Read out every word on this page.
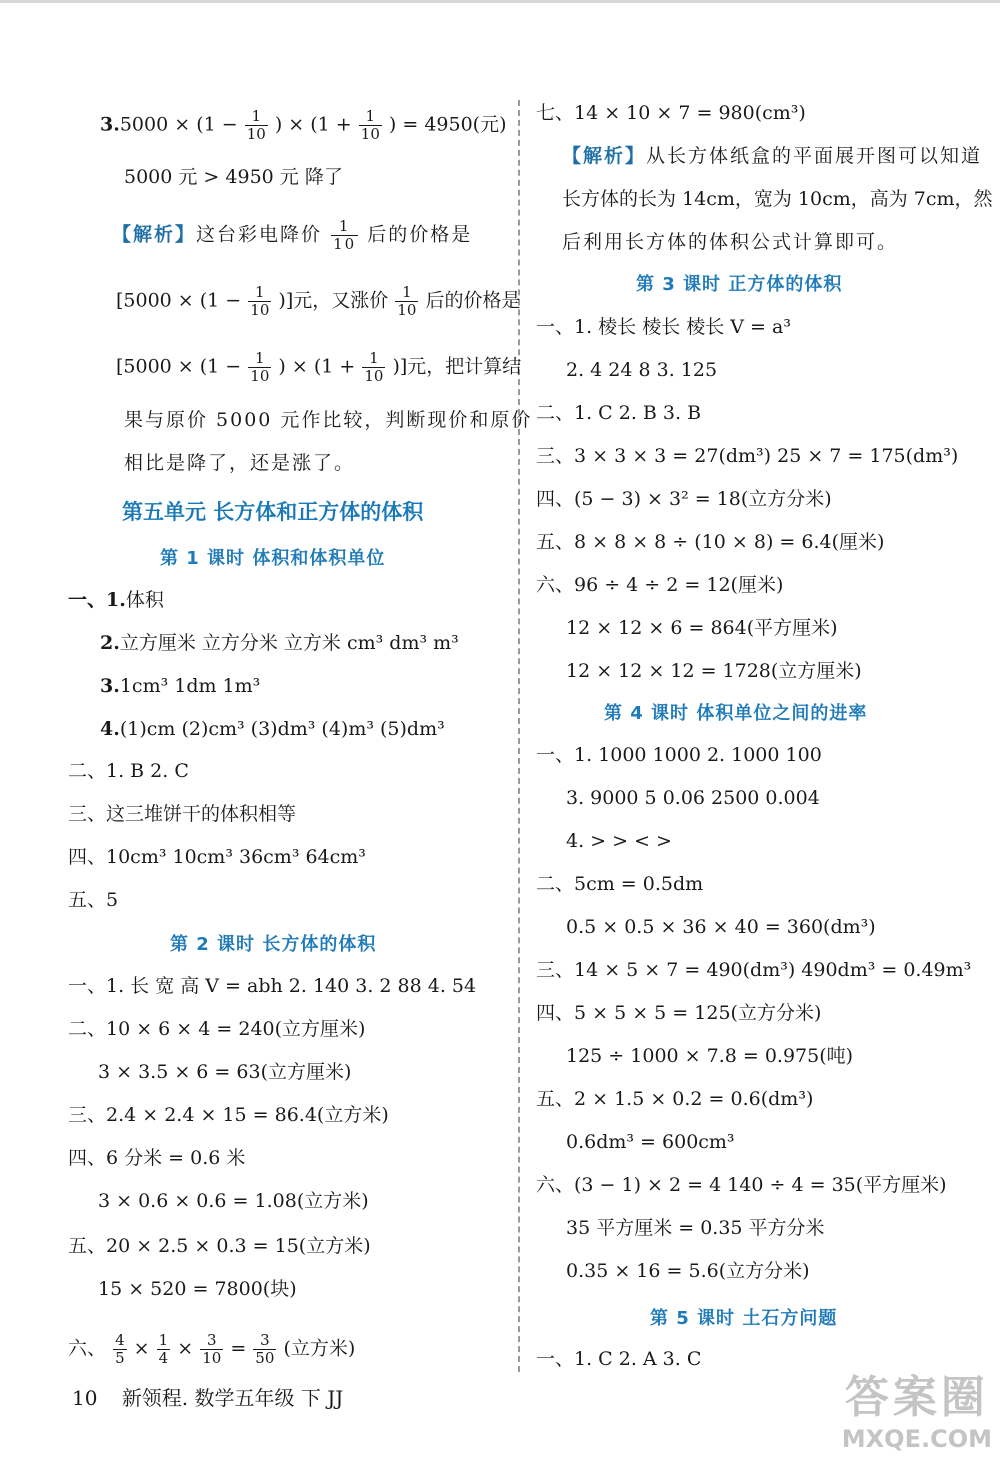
$3.5000 \times (1 - \frac{1}{10}$ ) × ($1 + \frac{1}{10}$ ) = 4950(元)
5000 元 > 4950 元 降了
【解析】这台彩电降价 $\frac{1}{10}$ 后的价格是
[$5000 \times (1 - \frac{1}{10}$ )]元，又涨价 $\frac{1}{10}$ 后的价格是
[$5000 \times (1 - \frac{1}{10}$ ) × ($1 + \frac{1}{10}$ )]元，把计算结
果与原价 5000 元作比较，判断现价和原价
相比是降了，还是涨了。
第五单元 长方体和正方体的体积
第 1 课时 体积和体积单位
一、1.体积
2.立方厘米 立方分米 立方米 cm³ dm³ m³
3.1cm³ 1dm 1m³
4.(1)cm (2)cm³ (3)dm³ (4)m³ (5)dm³
二、1. B 2. C
三、这三堆饼干的体积相等
四、10cm³ 10cm³ 36cm³ 64cm³
五、5
第 2 课时 长方体的体积
一、1. 长 宽 高 V = abh 2. 140 3. 2 88 4. 54
二、10 × 6 × 4 = 240(立方厘米)
3 × 3.5 × 6 = 63(立方厘米)
三、2.4 × 2.4 × 15 = 86.4(立方米)
四、6 分米 = 0.6 米
3 × 0.6 × 0.6 = 1.08(立方米)
五、20 × 2.5 × 0.3 = 15(立方米)
15 × 520 = 7800(块)
六、 $\frac{4}{5} \times \frac{1}{4} \times \frac{3}{10} = \frac{3}{50}$ (立方米)
七、14 × 10 × 7 = 980(cm³)
【解析】从长方体纸盒的平面展开图可以知道
长方体的长为 14cm，宽为 10cm，高为 7cm，然
后利用长方体的体积公式计算即可。
第 3 课时 正方体的体积
一、1. 棱长 棱长 棱长 V = a³
2. 4 24 8 3. 125
二、1. C 2. B 3. B
三、3 × 3 × 3 = 27(dm³) 25 × 7 = 175(dm³)
四、(5 − 3) × 3² = 18(立方分米)
五、8 × 8 × 8 ÷ (10 × 8) = 6.4(厘米)
六、96 ÷ 4 ÷ 2 = 12(厘米)
12 × 12 × 6 = 864(平方厘米)
12 × 12 × 12 = 1728(立方厘米)
第 4 课时 体积单位之间的进率
一、1. 1000 1000 2. 1000 100
3. 9000 5 0.06 2500 0.004
4. > > < >
二、5cm = 0.5dm
0.5 × 0.5 × 36 × 40 = 360(dm³)
三、14 × 5 × 7 = 490(dm³) 490dm³ = 0.49m³
四、5 × 5 × 5 = 125(立方分米)
125 ÷ 1000 × 7.8 = 0.975(吨)
五、2 × 1.5 × 0.2 = 0.6(dm³)
0.6dm³ = 600cm³
六、(3 − 1) × 2 = 4 140 ÷ 4 = 35(平方厘米)
35 平方厘米 = 0.35 平方分米
0.35 × 16 = 5.6(立方分米)
第 5 课时 土石方问题
一、1. C 2. A 3. C
10 新领程. 数学五年级 下 JJ	答案圈
MXQE.COM
